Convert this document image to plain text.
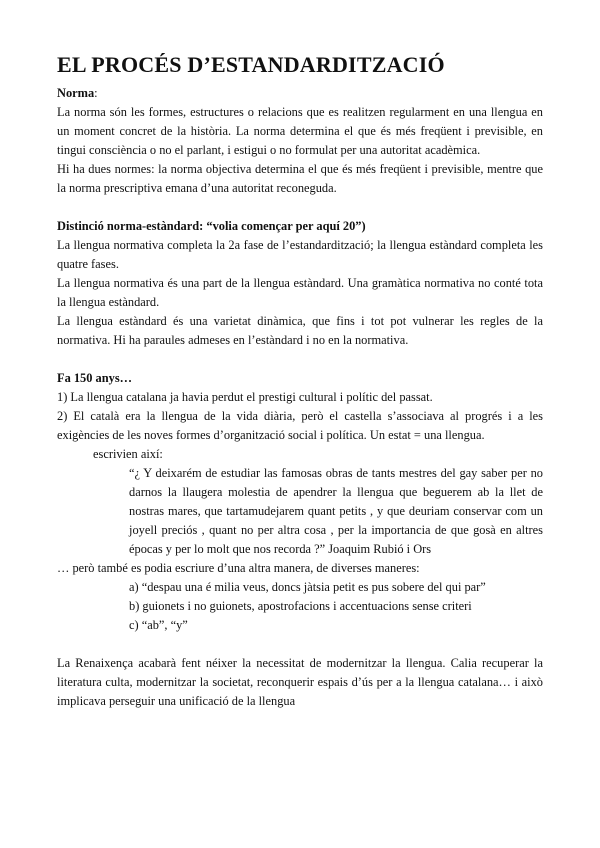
EL PROCÉS D’ESTANDARDITZACIÓ

Norma:

La norma són les formes, estructures o relacions que es realitzen regularment en una llengua en un moment concret de la història. La norma determina el que és més freqüent i previsible, en tingui consciència o no el parlant, i estigui o no formulat per una autoritat acadèmica.

Hi ha dues normes: la norma objectiva determina el que és més freqüent i previsible, mentre que la norma prescriptiva emana d’una autoritat reconeguda.

Distinció norma-estàndard: “volia començar per aquí 20”)

La llengua normativa completa la 2a fase de l’estandardització; la llengua estàndard completa les quatre fases.

La llengua normativa és una part de la llengua estàndard. Una gramàtica normativa no conté tota la llengua estàndard.

La llengua estàndard és una varietat dinàmica, que fins i tot pot vulnerar les regles de la normativa. Hi ha paraules admeses en l’estàndard i no en la normativa.

Fa 150 anys…

1) La llengua catalana ja havia perdut el prestigi cultural i polític del passat.

2) El català era la llengua de la vida diària, però el castella s’associava al progrés i a les exigències de les noves formes d’organització social i política. Un estat = una llengua.

escrivien així:

“¿ Y deixarém de estudiar las famosas obras de tants mestres del gay saber per no darnos la llaugera molestia de apendrer la llengua que beguerem ab la llet de nostras mares, que tartamudejarem quant petits , y que deuriam conservar com un joyell preciós , quant no per altra cosa , per la importancia de que gosà en altres épocas y per lo molt que nos recorda ?” Joaquim Rubió i Ors

… però també es podia escriure d’una altra manera, de diverses maneres:

a) “despau una é milia veus, doncs jàtsia petit es pus sobere del qui par”

b) guionets i no guionets, apostrofacions i accentuacions sense criteri

c) “ab”, “y”

La Renaixença acabarà fent néixer la necessitat de modernitzar la llengua. Calia recuperar la literatura culta, modernitzar la societat, reconquerir espais d’ús per a la llengua catalana… i això implicava perseguir una unificació de la llengua
